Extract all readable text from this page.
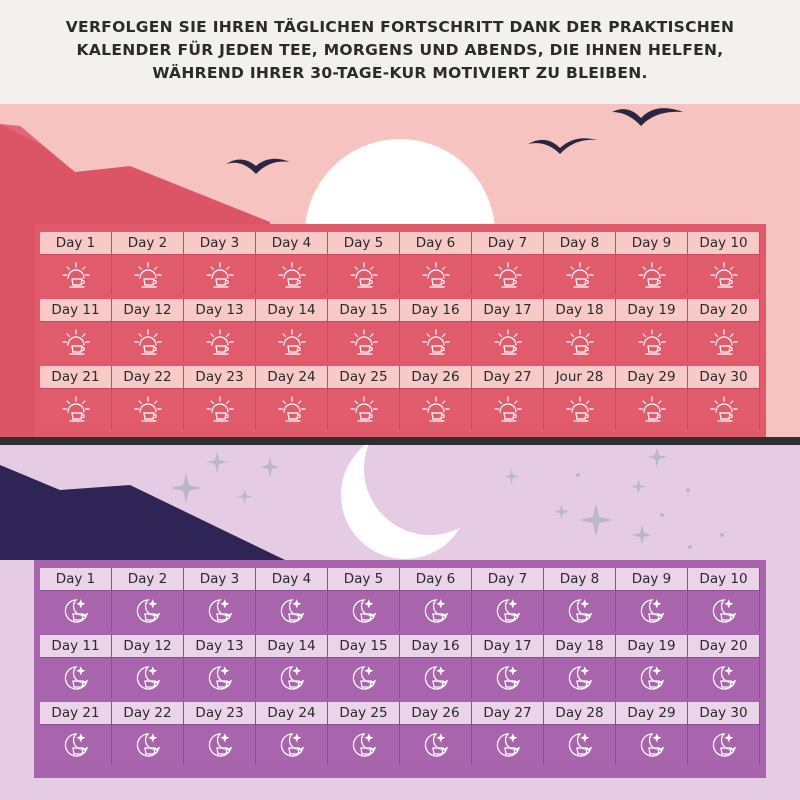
VERFOLGEN SIE IHREN TÄGLICHEN FORTSCHRITT DANK DER PRAKTISCHEN
KALENDER FÜR JEDEN TEE, MORGENS UND ABENDS, DIE IHNEN HELFEN,
WÄHREND IHRER 30-TAGE-KUR MOTIVIERT ZU BLEIBEN.
Day 1	Day 2	Day 3	Day 4	Day 5	Day 6	Day 7	Day 8	Day 9	Day 10
Day 11	Day 12	Day 13	Day 14	Day 15	Day 16	Day 17	Day 18	Day 19	Day 20
Day 21	Day 22	Day 23	Day 24	Day 25	Day 26	Day 27	Jour 28	Day 29	Day 30
Day 1	Day 2	Day 3	Day 4	Day 5	Day 6	Day 7	Day 8	Day 9	Day 10
Day 11	Day 12	Day 13	Day 14	Day 15	Day 16	Day 17	Day 18	Day 19	Day 20
Day 21	Day 22	Day 23	Day 24	Day 25	Day 26	Day 27	Day 28	Day 29	Day 30
